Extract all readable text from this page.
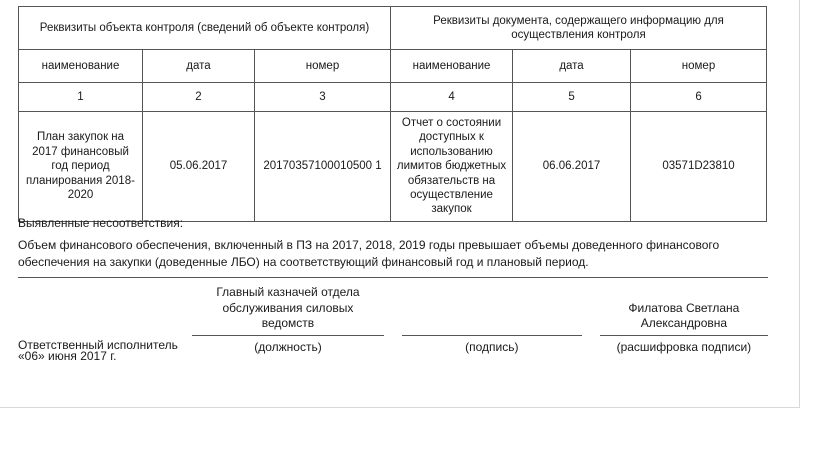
Реквизиты объекта контроля (сведений об объекте контроля)			Реквизиты документа, содержащего информацию для осуществления контроля		
наименование	дата	номер	наименование	дата	номер
1	2	3	4	5	6
План закупок на 2017 финансовый год период планирования 2018-2020	05.06.2017	20170357100010500 1	Отчет о состоянии доступных к использованию лимитов бюджетных обязательств на осуществление закупок	06.06.2017	03571D23810
Выявленные несоответствия:
Объем финансового обеспечения, включенный в ПЗ на 2017, 2018, 2019 годы превышает объемы доведенного финансового обеспечения на закупки (доведенные ЛБО) на соответствующий финансовый год и плановый период.
Ответственный исполнитель
Главный казначей отдела обслуживания силовых ведомств
(должность)	(подпись)
Филатова Светлана Александровна
(расшифровка подписи)
«06» июня 2017 г.
